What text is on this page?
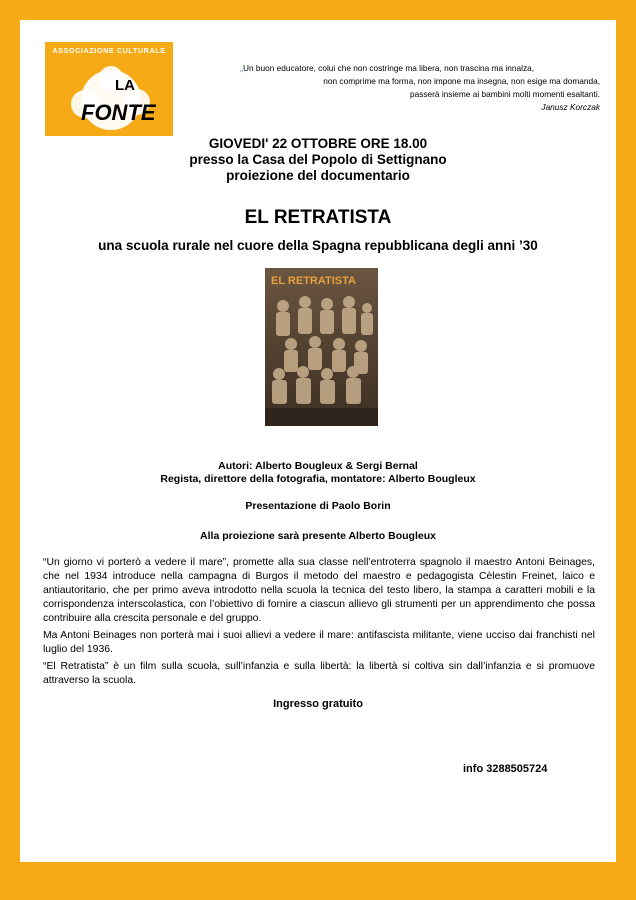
ASSOCIAZIONE CULTURALE
LA
FONTE
„Un buon educatore, colui che non costringe ma libera, non trascina ma innalza,
non comprime ma forma, non impone ma insegna, non esige ma domanda,
passerà insieme ai bambini molti momenti esaltanti.
Janusz Korczak
GIOVEDI' 22 OTTOBRE ORE 18.00
presso la Casa del Popolo di Settignano
proiezione del documentario
EL RETRATISTA
una scuola rurale nel cuore della Spagna repubblicana degli anni ’30
EL RETRATISTA
Autori: Alberto Bougleux & Sergi Bernal
Regista, direttore della fotografia, montatore: Alberto Bougleux
Presentazione di Paolo Borin
Alla proiezione sarà presente Alberto Bougleux

“Un giorno vi porterò a vedere il mare”, promette alla sua classe nell’entroterra spagnolo il maestro Antoni Beinages, che nel 1934 introduce nella campagna di Burgos il metodo del maestro e pedagogista Cèlestin Freinet, laico e antiautoritario, che per primo aveva introdotto nella scuola la tecnica del testo libero, la stampa a caratteri mobili e la corrispondenza interscolastica, con l’obiettivo di fornire a ciascun allievo gli strumenti per un apprendimento che possa contribuire alla crescita personale e del gruppo.

Ma Antoni Beinages non porterà mai i suoi allievi a vedere il mare: antifascista militante, viene ucciso dai franchisti nel luglio del 1936.

“El Retratista” è un film sulla scuola, sull’infanzia e sulla libertà: la libertà si coltiva sin dall’infanzia e si promuove attraverso la scuola.

Ingresso gratuito
info 3288505724
